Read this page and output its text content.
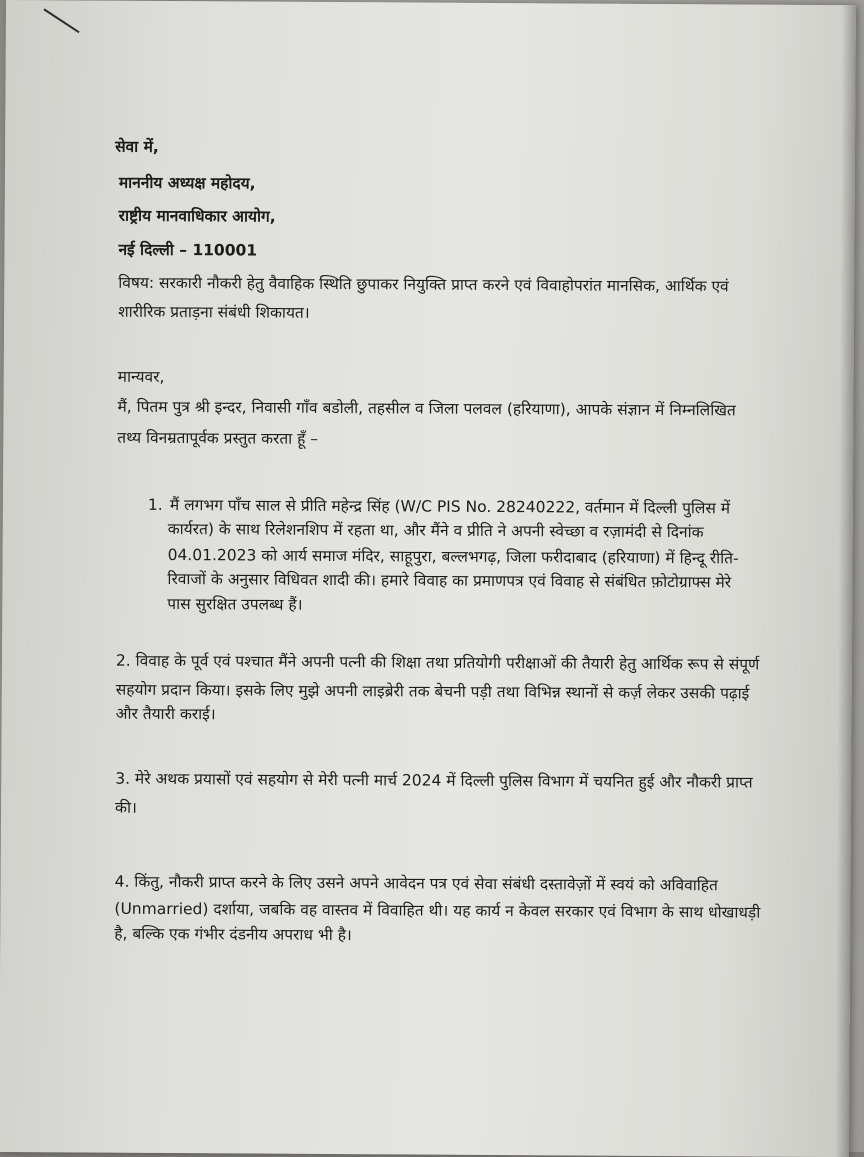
सेवा में,
माननीय अध्यक्ष महोदय,
राष्ट्रीय मानवाधिकार आयोग,
नई दिल्ली – 110001
विषय: सरकारी नौकरी हेतु वैवाहिक स्थिति छुपाकर नियुक्ति प्राप्त करने एवं विवाहोपरांत मानसिक, आर्थिक एवं
शारीरिक प्रताड़ना संबंधी शिकायत।
मान्यवर,
मैं, पितम पुत्र श्री इन्दर, निवासी गाँव बडोली, तहसील व जिला पलवल (हरियाणा), आपके संज्ञान में निम्नलिखित
तथ्य विनम्रतापूर्वक प्रस्तुत करता हूँ –
1. मैं लगभग पाँच साल से प्रीति महेन्द्र सिंह (W/C PIS No. 28240222, वर्तमान में दिल्ली पुलिस में
कार्यरत) के साथ रिलेशनशिप में रहता था, और मैंने व प्रीति ने अपनी स्वेच्छा व रज़ामंदी से दिनांक
04.01.2023 को आर्य समाज मंदिर, साहूपुरा, बल्लभगढ़, जिला फरीदाबाद (हरियाणा) में हिन्दू रीति-
रिवाजों के अनुसार विधिवत शादी की। हमारे विवाह का प्रमाणपत्र एवं विवाह से संबंधित फ़ोटोग्राफ्स मेरे
पास सुरक्षित उपलब्ध हैं।
2. विवाह के पूर्व एवं पश्चात मैंने अपनी पत्नी की शिक्षा तथा प्रतियोगी परीक्षाओं की तैयारी हेतु आर्थिक रूप से संपूर्ण
सहयोग प्रदान किया। इसके लिए मुझे अपनी लाइब्रेरी तक बेचनी पड़ी तथा विभिन्न स्थानों से कर्ज़ लेकर उसकी पढ़ाई
और तैयारी कराई।
3. मेरे अथक प्रयासों एवं सहयोग से मेरी पत्नी मार्च 2024 में दिल्ली पुलिस विभाग में चयनित हुई और नौकरी प्राप्त
की।
4. किंतु, नौकरी प्राप्त करने के लिए उसने अपने आवेदन पत्र एवं सेवा संबंधी दस्तावेज़ों में स्वयं को अविवाहित
(Unmarried) दर्शाया, जबकि वह वास्तव में विवाहित थी। यह कार्य न केवल सरकार एवं विभाग के साथ धोखाधड़ी
है, बल्कि एक गंभीर दंडनीय अपराध भी है।
